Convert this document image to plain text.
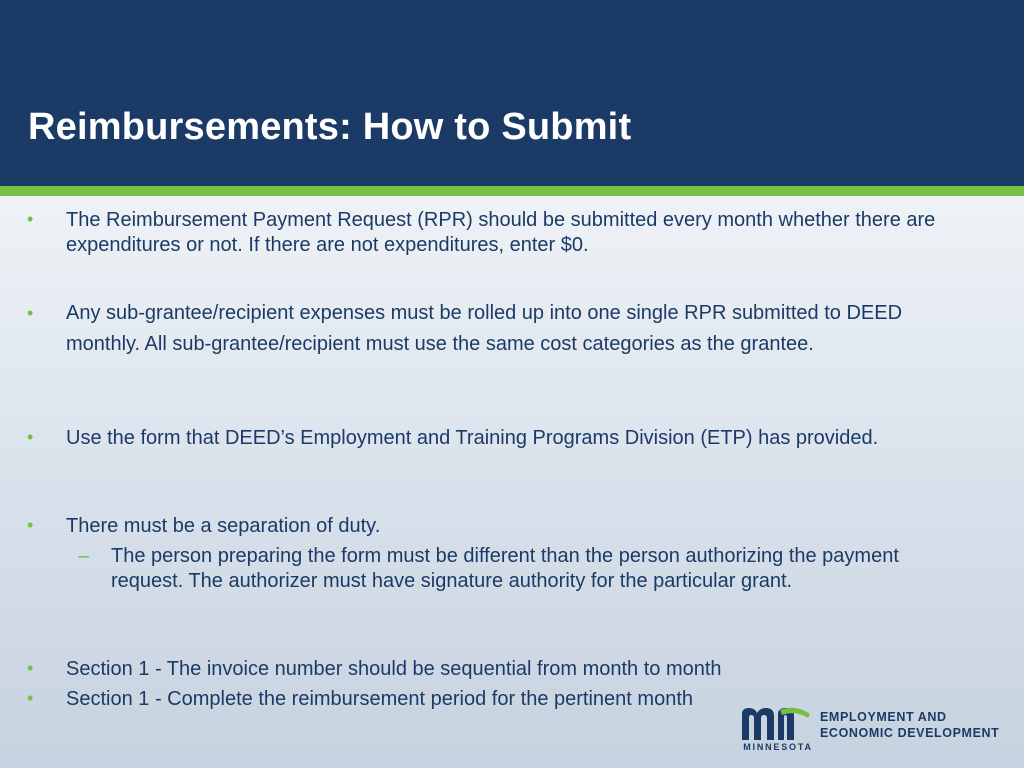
Reimbursements: How to Submit
• The Reimbursement Payment Request (RPR) should be submitted every month whether there are expenditures or not. If there are not expenditures, enter $0.
• Any sub-grantee/recipient expenses must be rolled up into one single RPR submitted to DEED monthly. All sub-grantee/recipient must use the same cost categories as the grantee.
• Use the form that DEED’s Employment and Training Programs Division (ETP) has provided.
• There must be a separation of duty.
– The person preparing the form must be different than the person authorizing the payment request. The authorizer must have signature authority for the particular grant.
• Section 1 - The invoice number should be sequential from month to month
• Section 1 - Complete the reimbursement period for the pertinent month
MINNESOTA
EMPLOYMENT AND
ECONOMIC DEVELOPMENT
